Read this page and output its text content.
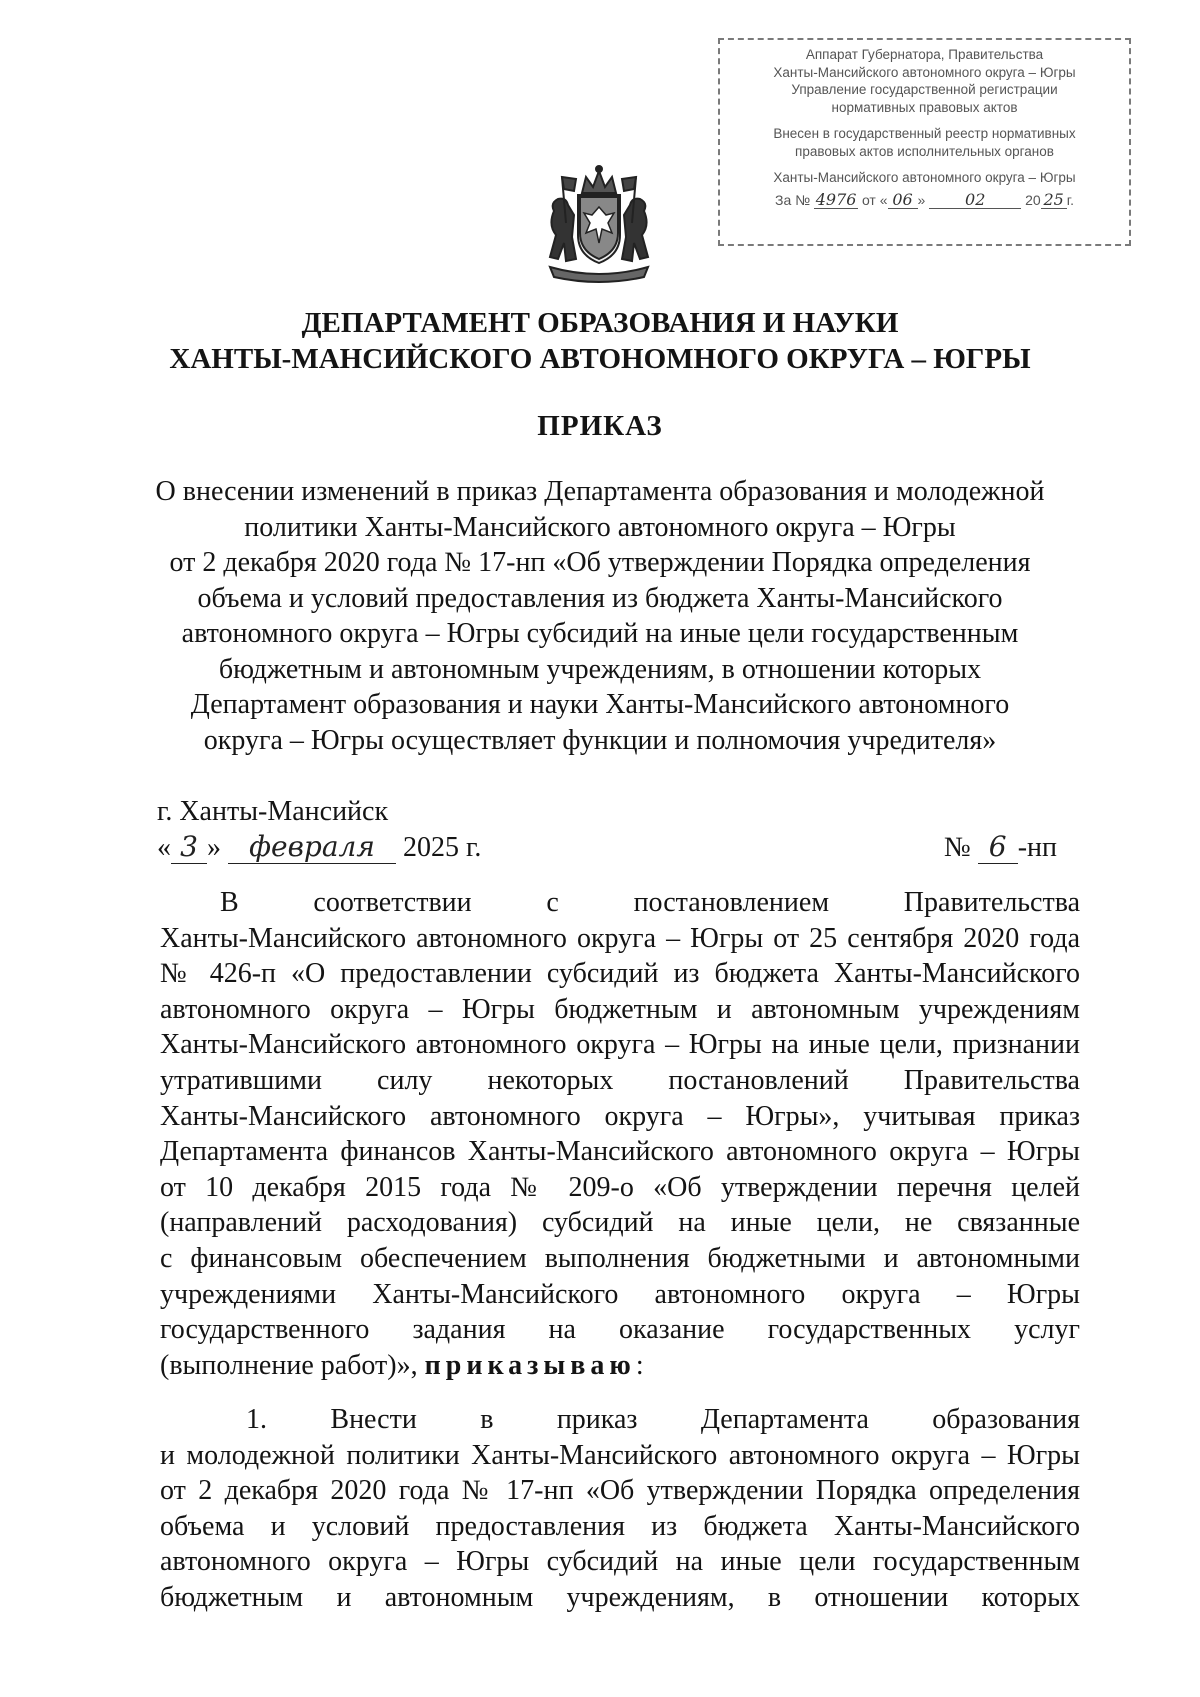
Аппарат Губернатора, Правительства
Ханты-Мансийского автономного округа – Югры
Управление государственной регистрации
нормативных правовых актов
Внесен в государственный реестр нормативных
правовых актов исполнительных органов
Ханты-Мансийского автономного округа – Югры
За № 4976 от « 06 » 02	20 25 г.
ДЕПАРТАМЕНТ ОБРАЗОВАНИЯ И НАУКИ
ХАНТЫ-МАНСИЙСКОГО АВТОНОМНОГО ОКРУГА – ЮГРЫ
ПРИКАЗ
О внесении изменений в приказ Департамента образования и молодежной
политики Ханты-Мансийского автономного округа – Югры
от 2 декабря 2020 года № 17-нп «Об утверждении Порядка определения
объема и условий предоставления из бюджета Ханты-Мансийского
автономного округа – Югры субсидий на иные цели государственным
бюджетным и автономным учреждениям, в отношении которых
Департамент образования и науки Ханты-Мансийского автономного
округа – Югры осуществляет функции и полномочия учредителя»
г. Ханты-Мансийск
« 3 » февраля 2025 г.	№ 6 -нп
В соответствии с постановлением Правительства
Ханты-Мансийского автономного округа – Югры от 25 сентября 2020 года
№ 426-п «О предоставлении субсидий из бюджета Ханты-Мансийского
автономного округа – Югры бюджетным и автономным учреждениям
Ханты-Мансийского автономного округа – Югры на иные цели, признании
утратившими силу некоторых постановлений Правительства
Ханты-Мансийского автономного округа – Югры», учитывая приказ
Департамента финансов Ханты-Мансийского автономного округа – Югры
от 10 декабря 2015 года № 209-о «Об утверждении перечня целей
(направлений расходования) субсидий на иные цели, не связанные
с финансовым обеспечением выполнения бюджетными и автономными
учреждениями Ханты-Мансийского автономного округа – Югры
государственного задания на оказание государственных услуг
(выполнение работ)», приказываю:
1. Внести в приказ Департамента образования
и молодежной политики Ханты-Мансийского автономного округа – Югры
от 2 декабря 2020 года № 17-нп «Об утверждении Порядка определения
объема и условий предоставления из бюджета Ханты-Мансийского
автономного округа – Югры субсидий на иные цели государственным
бюджетным и автономным учреждениям, в отношении которых
